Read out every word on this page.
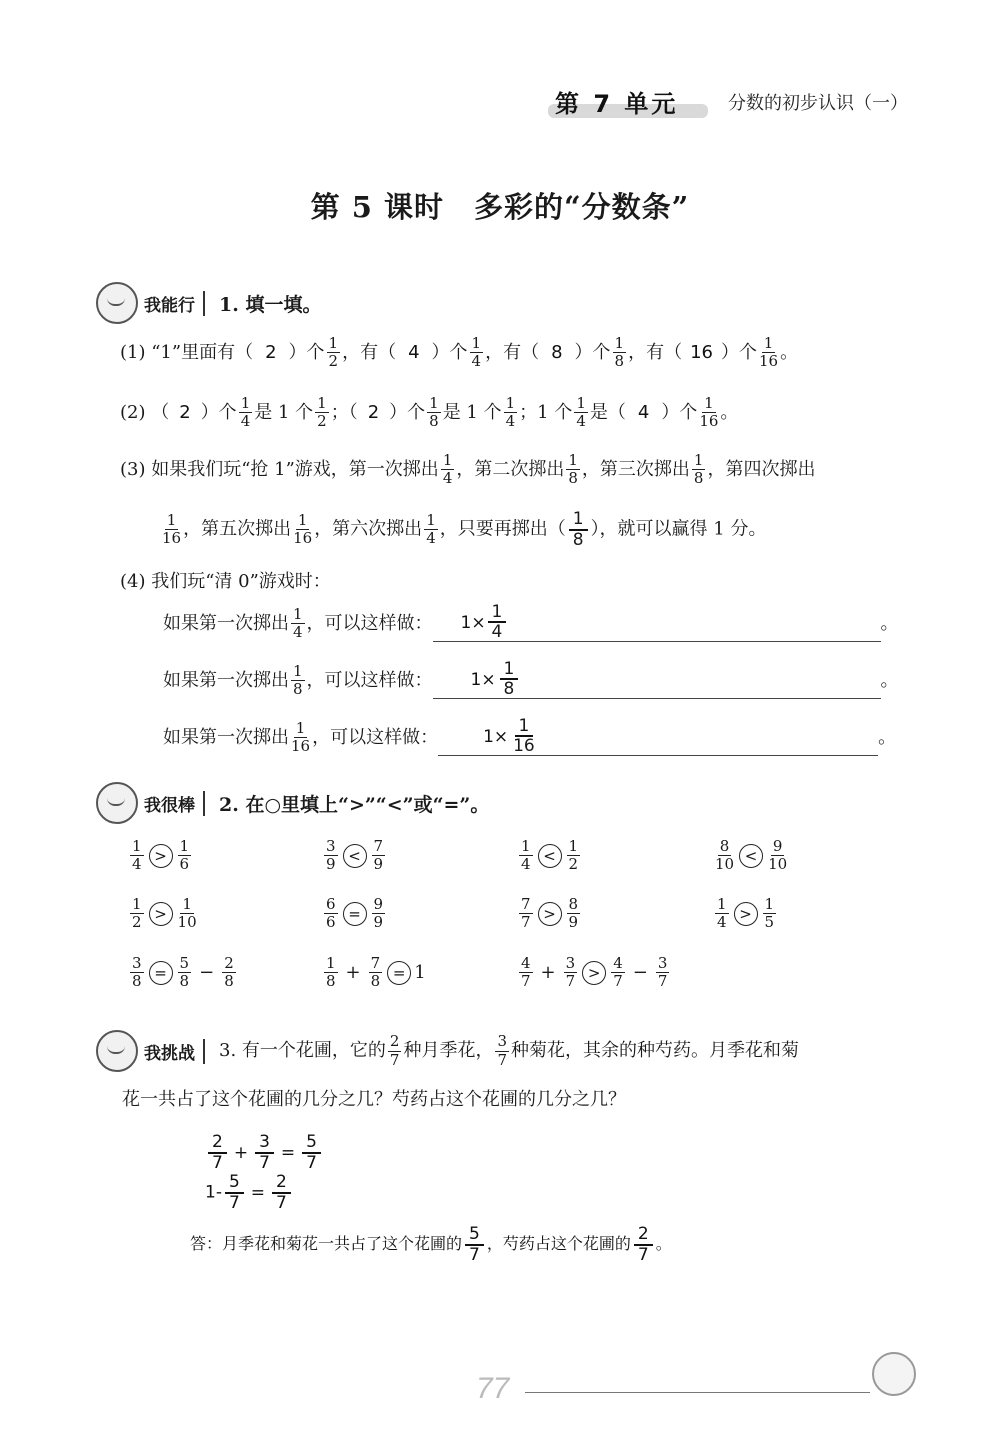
第 7 单元	分数的初步认识（一）
第 5 课时　多彩的“分数条”
我能行	1. 填一填。
(1) “1”里面有（ 2 ）个 $\frac{1}{2}$ ，有（ 4 ）个 $\frac{1}{4}$ ，有（ 8 ）个 $\frac{1}{8}$ ，有（ 16 ）个 $\frac{1}{16}$ 。
(2) （ 2 ）个 $\frac{1}{4}$ 是 1 个 $\frac{1}{2}$ ；（ 2 ）个 $\frac{1}{8}$ 是 1 个 $\frac{1}{4}$ ；1 个 $\frac{1}{4}$ 是（ 4 ）个 $\frac{1}{16}$ 。
(3) 如果我们玩“抢 1”游戏，第一次掷出 $\frac{1}{4}$ ，第二次掷出 $\frac{1}{8}$ ，第三次掷出 $\frac{1}{8}$ ，第四次掷出
$\frac{1}{16}$ ，第五次掷出 $\frac{1}{16}$ ，第六次掷出 $\frac{1}{4}$ ，只要再掷出（ $\frac{1}{8}$ ），就可以赢得 1 分。
(4) 我们玩“清 0”游戏时：
如果第一次掷出 $\frac{1}{4}$ ，可以这样做： $1\times \frac{1}{4}$	。
如果第一次掷出 $\frac{1}{8}$ ，可以这样做： $1\times \frac{1}{8}$	。
如果第一次掷出 $\frac{1}{16}$ ，可以这样做：	$1\times \frac{1}{16}$	。
我很棒	2. 在○里填上“>”“<”或“=”。
$\frac{1}{4} > \frac{1}{6}$	$\frac{3}{9} < \frac{7}{9}$	$\frac{1}{4} < \frac{1}{2}$	$\frac{8}{10} < \frac{9}{10}$
$\frac{1}{2} > \frac{1}{10}$	$\frac{6}{6} = \frac{9}{9}$	$\frac{7}{7} > \frac{8}{9}$	$\frac{1}{4} > \frac{1}{5}$
$\frac{3}{8} = \frac{5}{8} - \frac{2}{8}$	$\frac{1}{8} + \frac{7}{8} = 1$	$\frac{4}{7} + \frac{3}{7} > \frac{4}{7} - \frac{3}{7}$
我挑战	3. 有一个花圃，它的 $\frac{2}{7}$ 种月季花， $\frac{3}{7}$ 种菊花，其余的种芍药。月季花和菊
花一共占了这个花圃的几分之几？芍药占这个花圃的几分之几？
$\frac{2}{7} + \frac{3}{7} = \frac{5}{7}$
$1- \frac{5}{7} = \frac{2}{7}$
答：月季花和菊花一共占了这个花圃的 $\frac{5}{7}$ ，芍药占这个花圃的 $\frac{2}{7}$ 。
77
